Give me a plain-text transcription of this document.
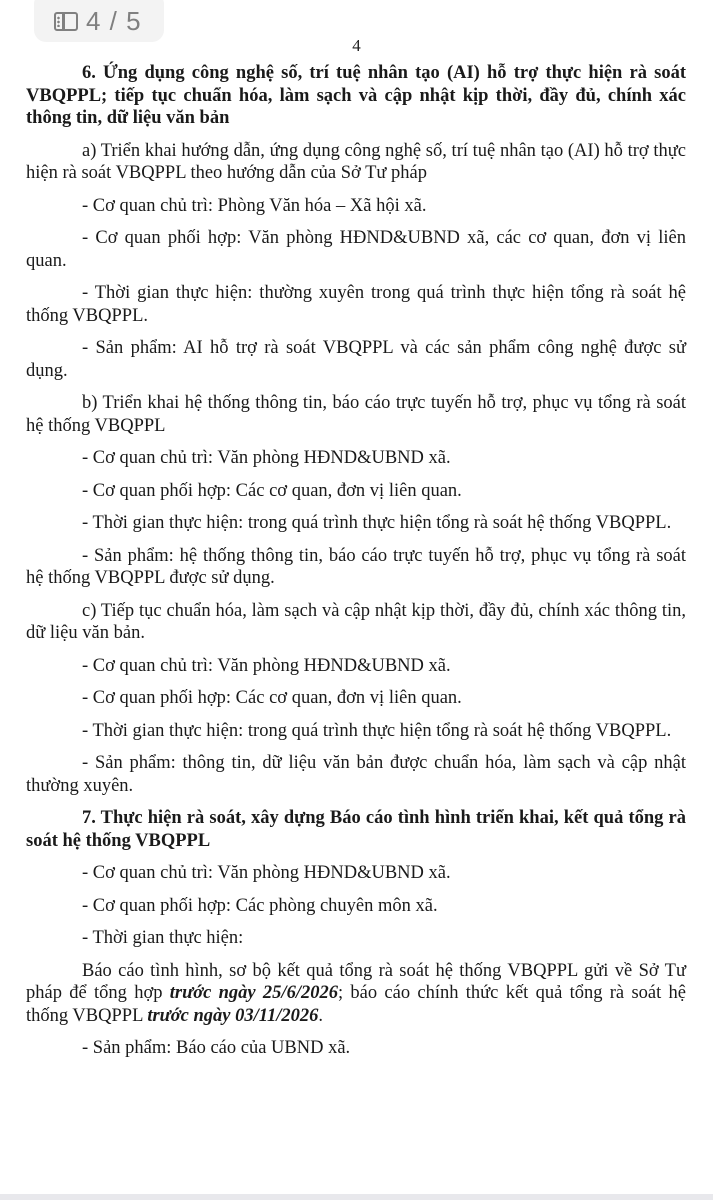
4 / 5
4

6. Ứng dụng công nghệ số, trí tuệ nhân tạo (AI) hỗ trợ thực hiện rà soát VBQPPL; tiếp tục chuẩn hóa, làm sạch và cập nhật kịp thời, đầy đủ, chính xác thông tin, dữ liệu văn bản

a) Triển khai hướng dẫn, ứng dụng công nghệ số, trí tuệ nhân tạo (AI) hỗ trợ thực hiện rà soát VBQPPL theo hướng dẫn của Sở Tư pháp

- Cơ quan chủ trì: Phòng Văn hóa – Xã hội xã.

- Cơ quan phối hợp: Văn phòng HĐND&UBND xã, các cơ quan, đơn vị liên quan.

- Thời gian thực hiện: thường xuyên trong quá trình thực hiện tổng rà soát hệ thống VBQPPL.

- Sản phẩm: AI hỗ trợ rà soát VBQPPL và các sản phẩm công nghệ được sử dụng.

b) Triển khai hệ thống thông tin, báo cáo trực tuyến hỗ trợ, phục vụ tổng rà soát hệ thống VBQPPL

- Cơ quan chủ trì: Văn phòng HĐND&UBND xã.

- Cơ quan phối hợp: Các cơ quan, đơn vị liên quan.

- Thời gian thực hiện: trong quá trình thực hiện tổng rà soát hệ thống VBQPPL.

- Sản phẩm: hệ thống thông tin, báo cáo trực tuyến hỗ trợ, phục vụ tổng rà soát hệ thống VBQPPL được sử dụng.

c) Tiếp tục chuẩn hóa, làm sạch và cập nhật kịp thời, đầy đủ, chính xác thông tin, dữ liệu văn bản.

- Cơ quan chủ trì: Văn phòng HĐND&UBND xã.

- Cơ quan phối hợp: Các cơ quan, đơn vị liên quan.

- Thời gian thực hiện: trong quá trình thực hiện tổng rà soát hệ thống VBQPPL.

- Sản phẩm: thông tin, dữ liệu văn bản được chuẩn hóa, làm sạch và cập nhật thường xuyên.

7. Thực hiện rà soát, xây dựng Báo cáo tình hình triển khai, kết quả tổng rà soát hệ thống VBQPPL

- Cơ quan chủ trì: Văn phòng HĐND&UBND xã.

- Cơ quan phối hợp: Các phòng chuyên môn xã.

- Thời gian thực hiện:

Báo cáo tình hình, sơ bộ kết quả tổng rà soát hệ thống VBQPPL gửi về Sở Tư pháp để tổng hợp trước ngày 25/6/2026; báo cáo chính thức kết quả tổng rà soát hệ thống VBQPPL trước ngày 03/11/2026.

- Sản phẩm: Báo cáo của UBND xã.
